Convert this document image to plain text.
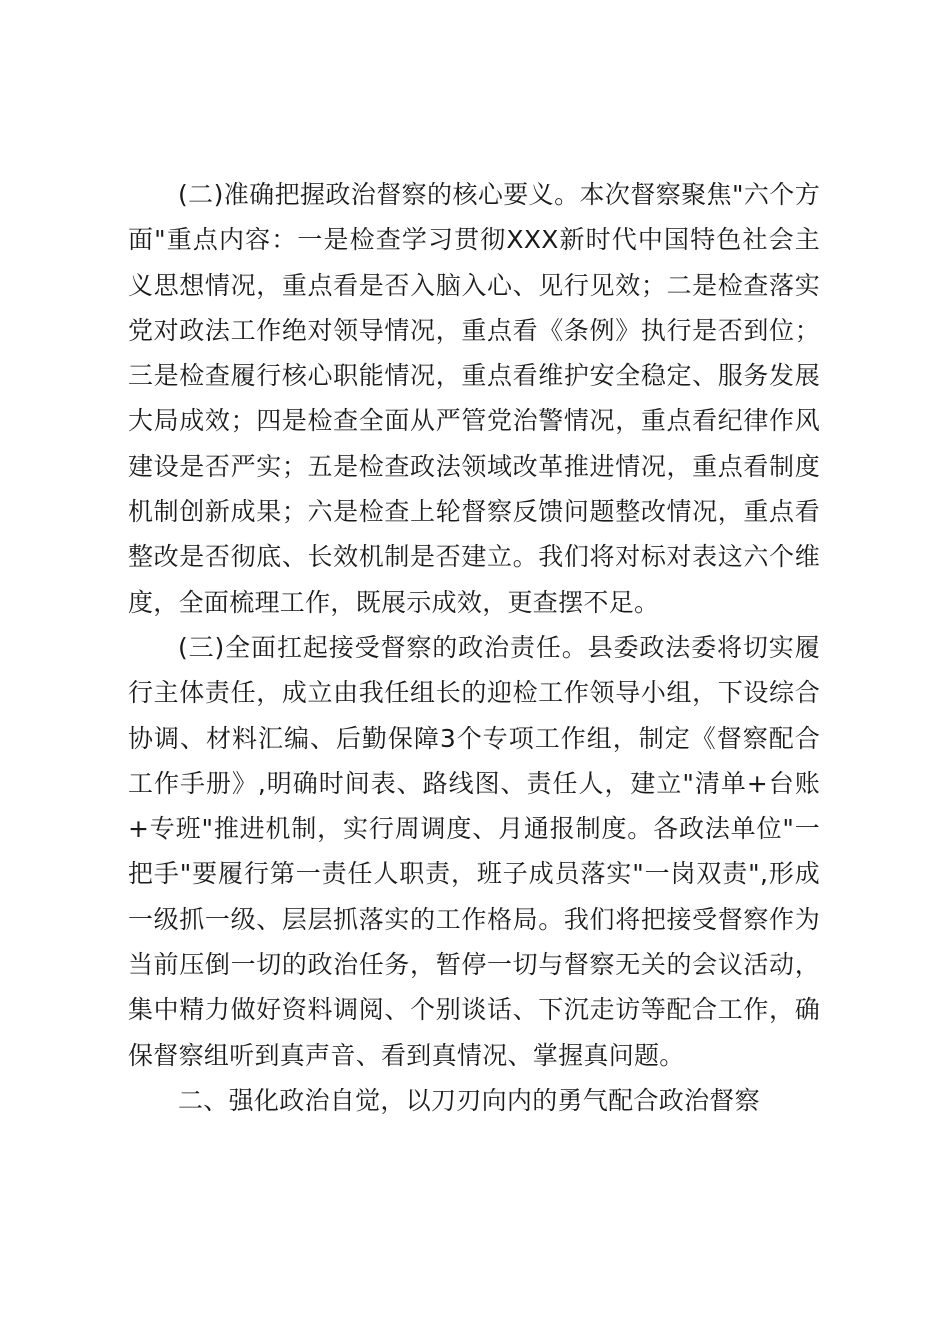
(二)准确把握政治督察的核心要义。本次督察聚焦"六个方面"重点内容：一是检查学习贯彻XXX新时代中国特色社会主义思想情况，重点看是否入脑入心、见行见效；二是检查落实党对政法工作绝对领导情况，重点看《条例》执行是否到位；三是检查履行核心职能情况，重点看维护安全稳定、服务发展大局成效；四是检查全面从严管党治警情况，重点看纪律作风建设是否严实；五是检查政法领域改革推进情况，重点看制度机制创新成果；六是检查上轮督察反馈问题整改情况，重点看整改是否彻底、长效机制是否建立。我们将对标对表这六个维度，全面梳理工作，既展示成效，更查摆不足。

(三)全面扛起接受督察的政治责任。县委政法委将切实履行主体责任，成立由我任组长的迎检工作领导小组，下设综合协调、材料汇编、后勤保障3个专项工作组，制定《督察配合工作手册》,明确时间表、路线图、责任人，建立"清单+台账+专班"推进机制，实行周调度、月通报制度。各政法单位"一把手"要履行第一责任人职责，班子成员落实"一岗双责",形成一级抓一级、层层抓落实的工作格局。我们将把接受督察作为当前压倒一切的政治任务，暂停一切与督察无关的会议活动，集中精力做好资料调阅、个别谈话、下沉走访等配合工作，确保督察组听到真声音、看到真情况、掌握真问题。

二、强化政治自觉，以刀刃向内的勇气配合政治督察
